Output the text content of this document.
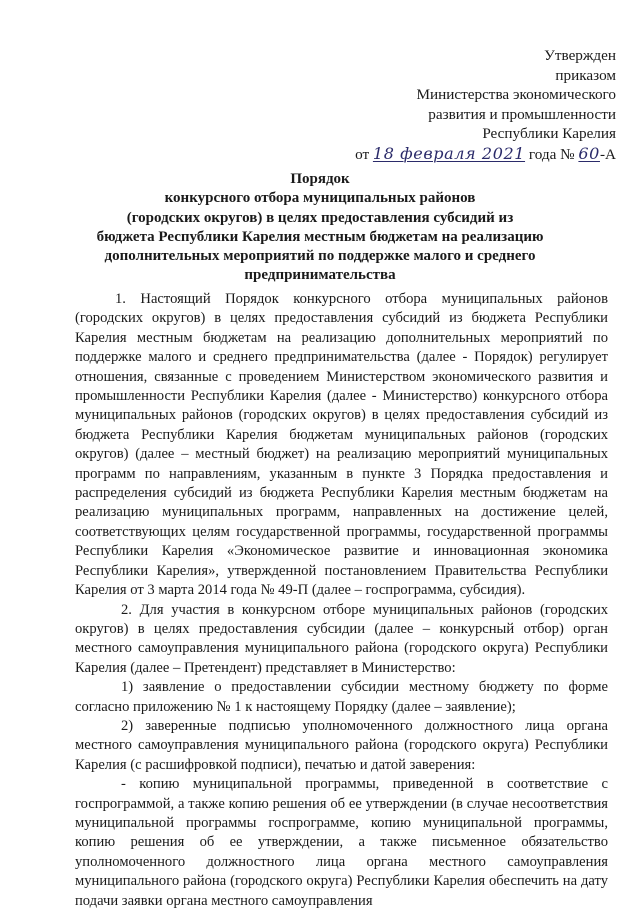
Утвержден
приказом
Министерства экономического
развития и промышленности
Республики Карелия
от 18 февраля 2021 года № 60-А
Порядок
конкурсного отбора муниципальных районов
(городских округов) в целях предоставления субсидий из
бюджета Республики Карелия местным бюджетам на реализацию
дополнительных мероприятий по поддержке малого и среднего
предпринимательства

1. Настоящий Порядок конкурсного отбора муниципальных районов (городских округов) в целях предоставления субсидий из бюджета Республики Карелия местным бюджетам на реализацию дополнительных мероприятий по поддержке малого и среднего предпринимательства (далее - Порядок) регулирует отношения, связанные с проведением Министерством экономического развития и промышленности Республики Карелия (далее - Министерство) конкурсного отбора муниципальных районов (городских округов) в целях предоставления субсидий из бюджета Республики Карелия бюджетам муниципальных районов (городских округов) (далее – местный бюджет) на реализацию мероприятий муниципальных программ по направлениям, указанным в пункте 3 Порядка предоставления и распределения субсидий из бюджета Республики Карелия местным бюджетам на реализацию муниципальных программ, направленных на достижение целей, соответствующих целям государственной программы, государственной программы Республики Карелия «Экономическое развитие и инновационная экономика Республики Карелия», утвержденной постановлением Правительства Республики Карелия от 3 марта 2014 года № 49-П (далее – госпрограмма, субсидия).

2. Для участия в конкурсном отборе муниципальных районов (городских округов) в целях предоставления субсидии (далее – конкурсный отбор) орган местного самоуправления муниципального района (городского округа) Республики Карелия (далее – Претендент) представляет в Министерство:

1) заявление о предоставлении субсидии местному бюджету по форме согласно приложению № 1 к настоящему Порядку (далее – заявление);

2) заверенные подписью уполномоченного должностного лица органа местного самоуправления муниципального района (городского округа) Республики Карелия (с расшифровкой подписи), печатью и датой заверения:

- копию муниципальной программы, приведенной в соответствие с госпрограммой, а также копию решения об ее утверждении (в случае несоответствия муниципальной программы госпрограмме, копию муниципальной программы, копию решения об ее утверждении, а также письменное обязательство уполномоченного должностного лица органа местного самоуправления муниципального района (городского округа) Республики Карелия обеспечить на дату подачи заявки органа местного самоуправления
